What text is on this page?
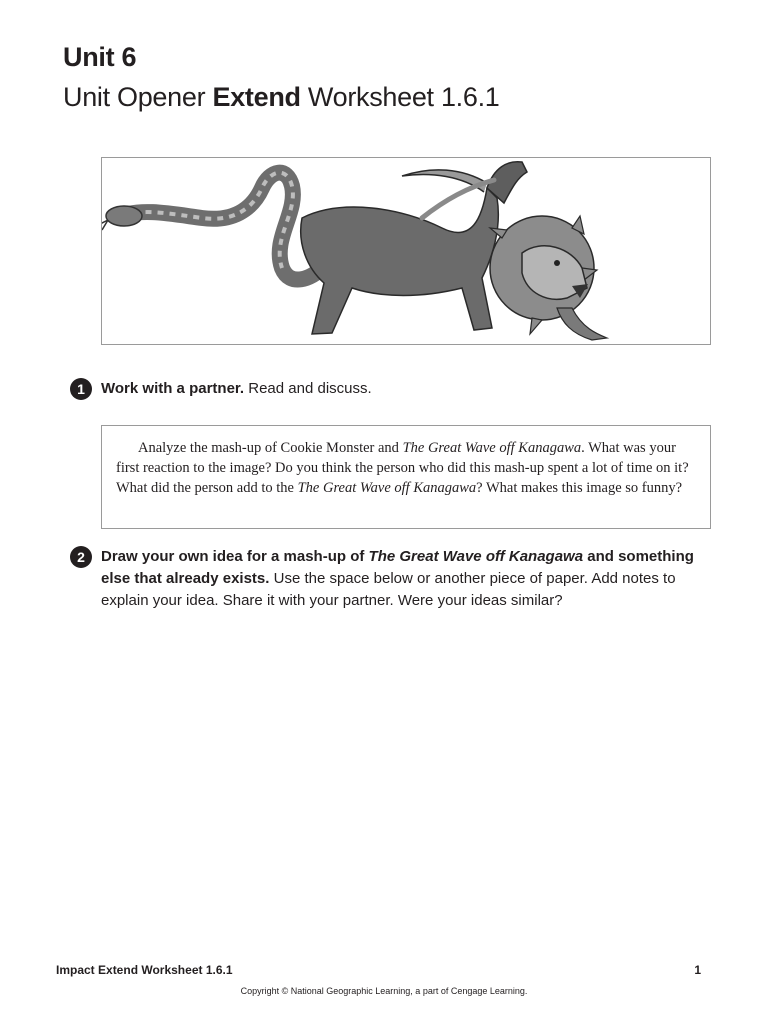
Unit 6
Unit Opener Extend Worksheet 1.6.1
1	Work with a partner. Read and discuss.
Analyze the mash-up of Cookie Monster and The Great Wave off Kanagawa. What was your first reaction to the image? Do you think the person who did this mash-up spent a lot of time on it? What did the person add to the The Great Wave off Kanagawa? What makes this image so funny?
2	Draw your own idea for a mash-up of The Great Wave off Kanagawa and something else that already exists. Use the space below or another piece of paper. Add notes to explain your idea. Share it with your partner. Were your ideas similar?
Impact Extend Worksheet 1.6.1	1
Copyright © National Geographic Learning, a part of Cengage Learning.
